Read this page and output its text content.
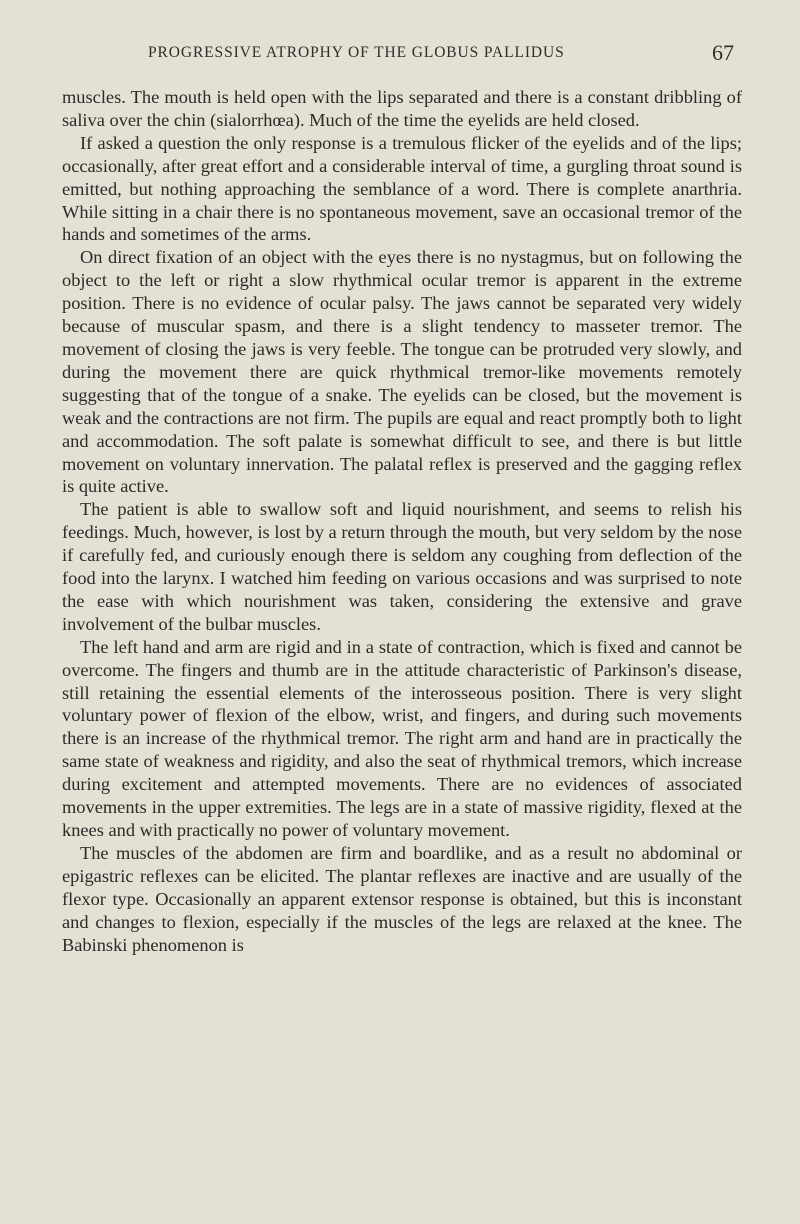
PROGRESSIVE ATROPHY OF THE GLOBUS PALLIDUS	67

muscles. The mouth is held open with the lips separated and there is a constant dribbling of saliva over the chin (sialorrhœa). Much of the time the eyelids are held closed.

If asked a question the only response is a tremulous flicker of the eyelids and of the lips; occasionally, after great effort and a considerable interval of time, a gurgling throat sound is emitted, but nothing approaching the semblance of a word. There is complete anarthria. While sitting in a chair there is no spontaneous movement, save an occasional tremor of the hands and sometimes of the arms.

On direct fixation of an object with the eyes there is no nystagmus, but on following the object to the left or right a slow rhythmical ocular tremor is apparent in the extreme position. There is no evidence of ocular palsy. The jaws cannot be separated very widely because of muscular spasm, and there is a slight tendency to masseter tremor. The movement of closing the jaws is very feeble. The tongue can be protruded very slowly, and during the movement there are quick rhythmical tremor-like movements remotely suggesting that of the tongue of a snake. The eyelids can be closed, but the movement is weak and the contractions are not firm. The pupils are equal and react promptly both to light and accommodation. The soft palate is somewhat difficult to see, and there is but little movement on voluntary innervation. The palatal reflex is preserved and the gagging reflex is quite active.

The patient is able to swallow soft and liquid nourishment, and seems to relish his feedings. Much, however, is lost by a return through the mouth, but very seldom by the nose if carefully fed, and curiously enough there is seldom any coughing from deflection of the food into the larynx. I watched him feeding on various occasions and was surprised to note the ease with which nourishment was taken, considering the extensive and grave involvement of the bulbar muscles.

The left hand and arm are rigid and in a state of contraction, which is fixed and cannot be overcome. The fingers and thumb are in the attitude characteristic of Parkinson's disease, still retaining the essential elements of the interosseous position. There is very slight voluntary power of flexion of the elbow, wrist, and fingers, and during such movements there is an increase of the rhythmical tremor. The right arm and hand are in practically the same state of weakness and rigidity, and also the seat of rhythmical tremors, which increase during excitement and attempted movements. There are no evidences of associated movements in the upper extremities. The legs are in a state of massive rigidity, flexed at the knees and with practically no power of voluntary movement.

The muscles of the abdomen are firm and boardlike, and as a result no abdominal or epigastric reflexes can be elicited. The plantar reflexes are inactive and are usually of the flexor type. Occasionally an apparent extensor response is obtained, but this is inconstant and changes to flexion, especially if the muscles of the legs are relaxed at the knee. The Babinski phenomenon is
